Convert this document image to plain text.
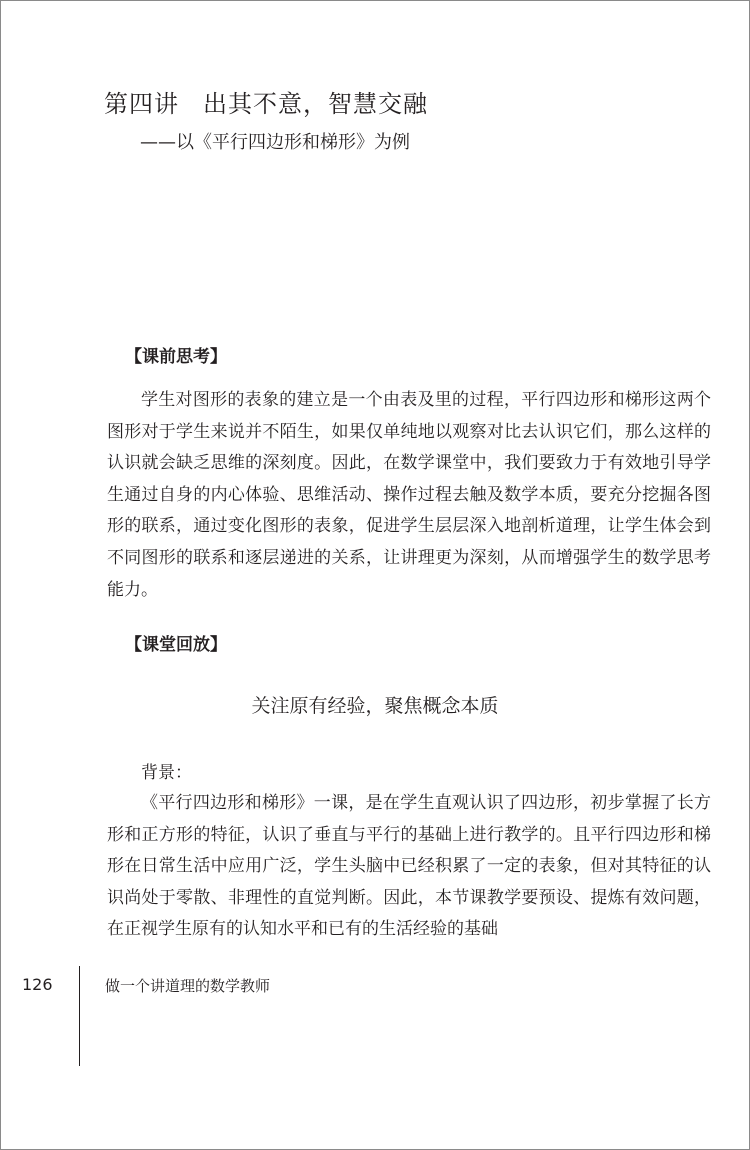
第四讲 出其不意，智慧交融
——以《平行四边形和梯形》为例
【课前思考】

学生对图形的表象的建立是一个由表及里的过程，平行四边形和梯形这两个图形对于学生来说并不陌生，如果仅单纯地以观察对比去认识它们，那么这样的认识就会缺乏思维的深刻度。因此，在数学课堂中，我们要致力于有效地引导学生通过自身的内心体验、思维活动、操作过程去触及数学本质，要充分挖掘各图形的联系，通过变化图形的表象，促进学生层层深入地剖析道理，让学生体会到不同图形的联系和逐层递进的关系，让讲理更为深刻，从而增强学生的数学思考能力。

【课堂回放】
关注原有经验，聚焦概念本质
背景：

《平行四边形和梯形》一课，是在学生直观认识了四边形，初步掌握了长方形和正方形的特征，认识了垂直与平行的基础上进行教学的。且平行四边形和梯形在日常生活中应用广泛，学生头脑中已经积累了一定的表象，但对其特征的认识尚处于零散、非理性的直觉判断。因此，本节课教学要预设、提炼有效问题，在正视学生原有的认知水平和已有的生活经验的基础

126	做一个讲道理的数学教师
